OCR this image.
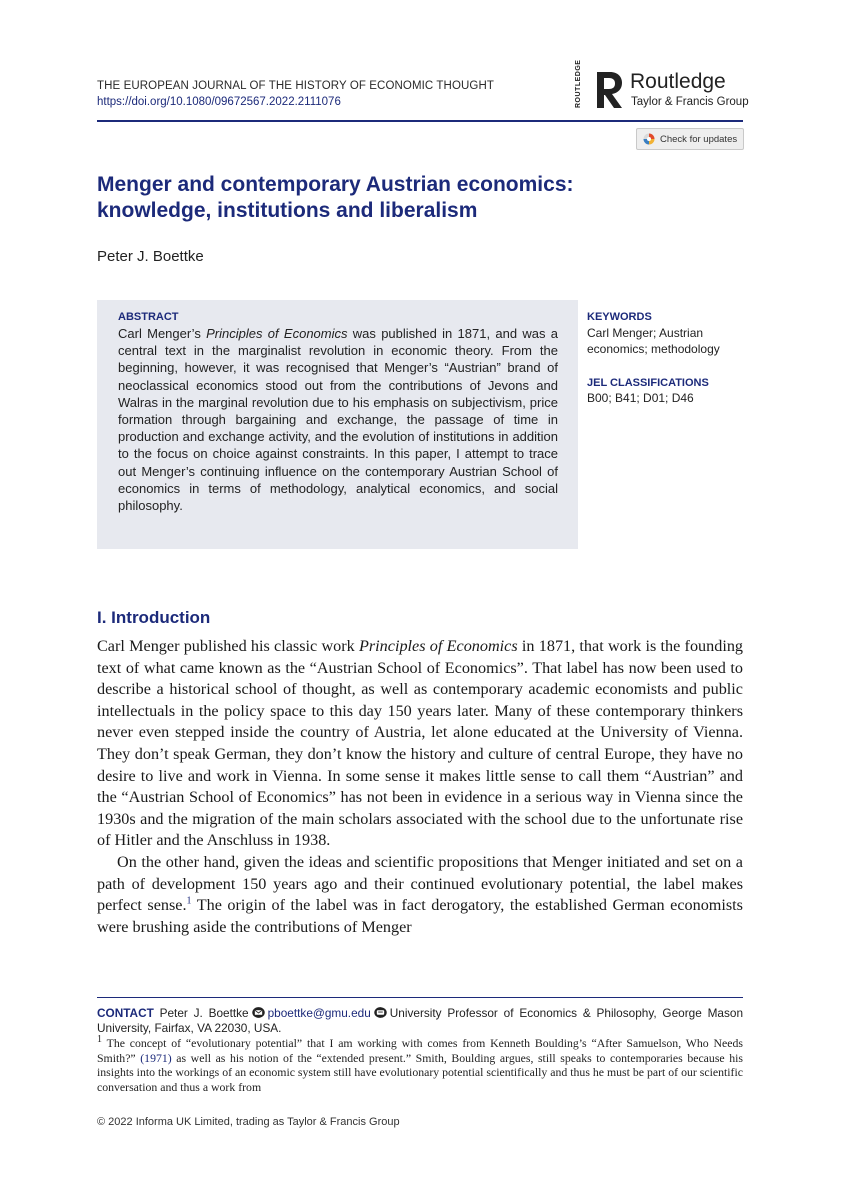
THE EUROPEAN JOURNAL OF THE HISTORY OF ECONOMIC THOUGHT
https://doi.org/10.1080/09672567.2022.2111076	ROUTLEDGE	Routledge
Taylor & Francis Group
Check for updates
Menger and contemporary Austrian economics:
knowledge, institutions and liberalism
Peter J. Boettke
ABSTRACT
Carl Menger’s Principles of Economics was published in 1871, and was a central text in the marginalist revolution in economic theory. From the beginning, however, it was recognised that Menger’s “Austrian” brand of neoclassical economics stood out from the contributions of Jevons and Walras in the marginal revolution due to his emphasis on subjectivism, price formation through bargaining and exchange, the passage of time in production and exchange activity, and the evolution of institutions in addition to the focus on choice against constraints. In this paper, I attempt to trace out Menger’s continuing influence on the contemporary Austrian School of economics in terms of methodology, analytical economics, and social philosophy.
KEYWORDS
Carl Menger; Austrian economics; methodology
JEL CLASSIFICATIONS
B00; B41; D01; D46
I. Introduction

Carl Menger published his classic work Principles of Economics in 1871, that work is the founding text of what came known as the “Austrian School of Economics”. That label has now been used to describe a historical school of thought, as well as contemporary academic economists and public intellectuals in the policy space to this day 150 years later. Many of these contemporary thinkers never even stepped inside the country of Austria, let alone educated at the University of Vienna. They don’t speak German, they don’t know the history and culture of central Europe, they have no desire to live and work in Vienna. In some sense it makes little sense to call them “Austrian” and the “Austrian School of Economics” has not been in evidence in a serious way in Vienna since the 1930s and the migration of the main scholars associated with the school due to the unfortunate rise of Hitler and the Anschluss in 1938.

On the other hand, given the ideas and scientific propositions that Menger initiated and set on a path of development 150 years ago and their continued evolutionary potential, the label makes perfect sense.$^1$ The origin of the label was in fact derogatory, the established German economists were brushing aside the contributions of Menger

CONTACT Peter J. Boettke pboettke@gmu.edu University Professor of Economics & Philosophy, George Mason University, Fairfax, VA 22030, USA.
$^1$ The concept of “evolutionary potential” that I am working with comes from Kenneth Boulding’s “After Samuelson, Who Needs Smith?” (1971) as well as his notion of the “extended present.” Smith, Boulding argues, still speaks to contemporaries because his insights into the workings of an economic system still have evolutionary potential scientifically and thus he must be part of our scientific conversation and thus a work from
© 2022 Informa UK Limited, trading as Taylor & Francis Group
